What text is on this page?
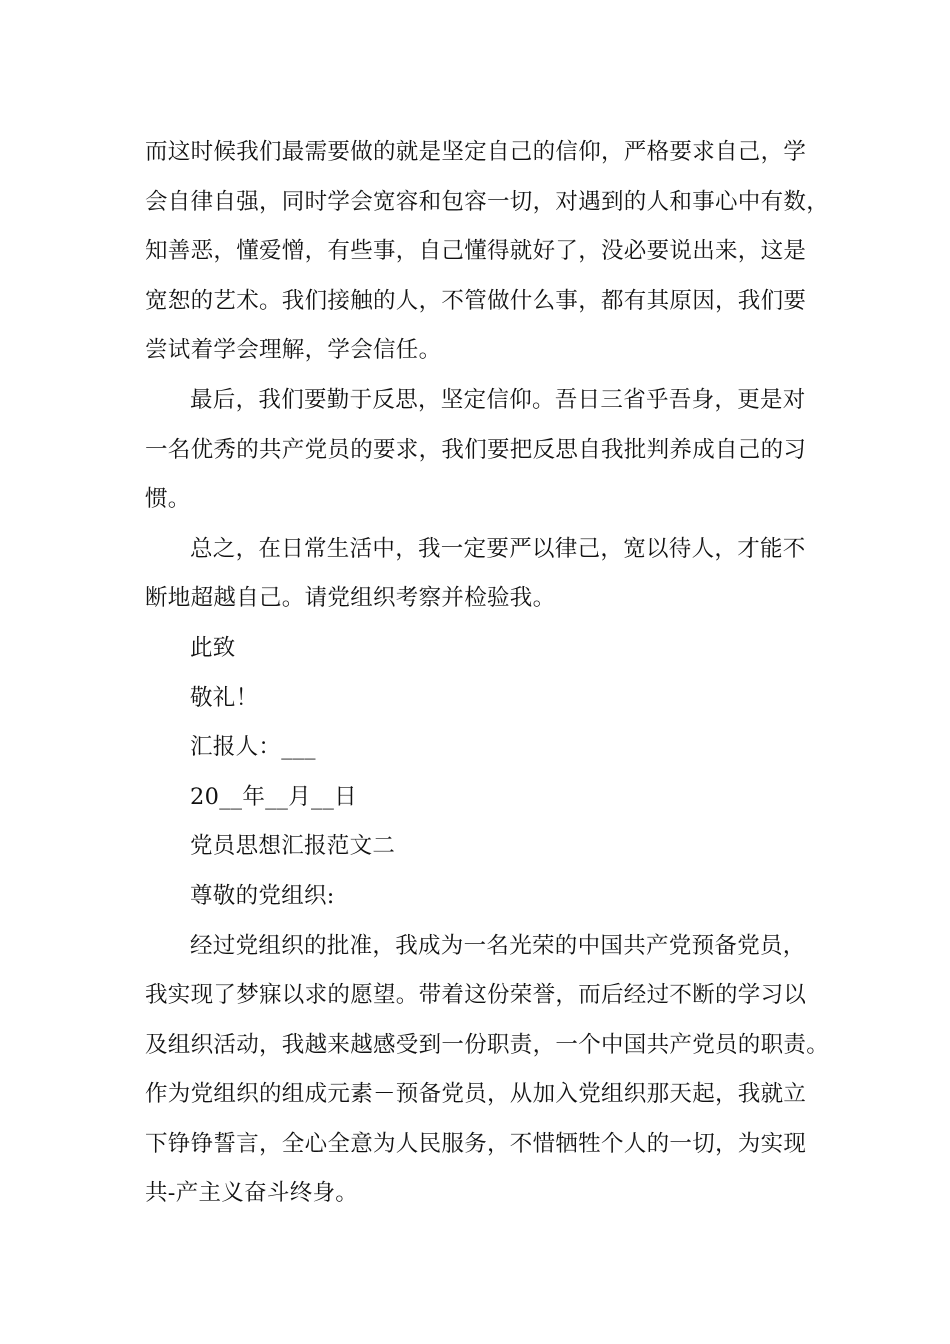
而这时候我们最需要做的就是坚定自己的信仰，严格要求自己，学
会自律自强，同时学会宽容和包容一切，对遇到的人和事心中有数，
知善恶，懂爱憎，有些事，自己懂得就好了，没必要说出来，这是
宽恕的艺术。我们接触的人，不管做什么事，都有其原因，我们要
尝试着学会理解，学会信任。
最后，我们要勤于反思，坚定信仰。吾日三省乎吾身，更是对
一名优秀的共产党员的要求，我们要把反思自我批判养成自己的习
惯。
总之，在日常生活中，我一定要严以律己，宽以待人，才能不
断地超越自己。请党组织考察并检验我。
此致
敬礼！
汇报人：___
20__年__月__日
党员思想汇报范文二
尊敬的党组织:
经过党组织的批准，我成为一名光荣的中国共产党预备党员，
我实现了梦寐以求的愿望。带着这份荣誉，而后经过不断的学习以
及组织活动，我越来越感受到一份职责，一个中国共产党员的职责。
作为党组织的组成元素－预备党员，从加入党组织那天起，我就立
下铮铮誓言，全心全意为人民服务，不惜牺牲个人的一切，为实现
共-产主义奋斗终身。
